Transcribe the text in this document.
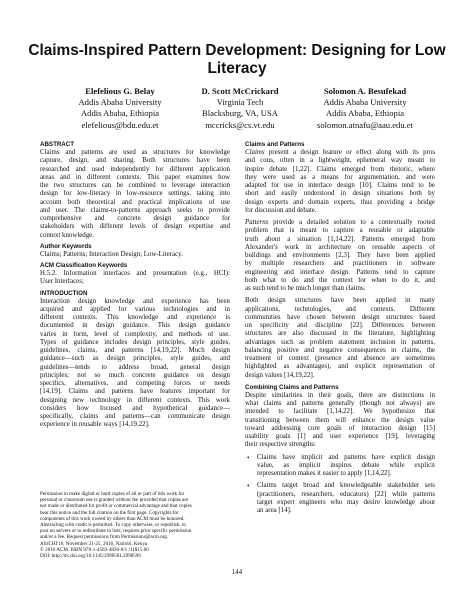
Claims-Inspired Pattern Development: Designing for Low
Literacy
Elefelious G. Belay
Addis Ababa University
Addis Ababa, Ethiopia
elefelious@bdu.edu.et
D. Scott McCrickard
Virginia Tech
Blacksburg, VA, USA
mccricks@cs.vt.edu
Solomon A. Besufekad
Addis Ababa University
Addis Ababa, Ethiopia
solomon.atnafu@aau.edu.et
ABSTRACT
Claims and patterns are used as structures for knowledge
capture, design, and sharing. Both structures have been
researched and used independently for different application
areas and in different contexts. This paper examines how
the two structures can be combined to leverage interaction
design for low-literacy in low-resource settings, taking into
account both theoretical and practical implications of use
and user. The claims-to-patterns approach seeks to provide
comprehensive and concrete design guidance for
stakeholders with different levels of design expertise and
context knowledge.
Author Keywords
Claims; Patterns; Interaction Design; Low-Literacy.
ACM Classification Keywords
H.5.2. Information interfaces and presentation (e.g., HCI):
User Interfaces;
INTRODUCTION
Interaction design knowledge and experience has been
acquired and applied for various technologies and in
different contexts. This knowledge and experience is
documented in design guidance. This design guidance
varies in form, level of complexity, and methods of use.
Types of guidance includes design principles, style guides,
guidelines, claims, and patterns [14,19,22]. Much design
guidance—such as design principles, style guides, and
guidelines—tends to address broad, general design
principles; not so much concrete guidance on design
specifics, alternatives, and competing forces or needs
[14,19]. Claims and patterns have features important for
designing new technology in different contexts. This work
considers how focused and hypothetical guidance—
specifically, claims and patterns—can communicate design
experience in reusable ways [14,19,22].
Permission to make digital or hard copies of all or part of this work for
personal or classroom use is granted without fee provided that copies are
not made or distributed for profit or commercial advantage and that copies
bear this notice and the full citation on the first page. Copyrights for
components of this work owned by others than ACM must be honored.
Abstracting with credit is permitted. To copy otherwise, or republish, to
post on servers or to redistribute to lists, requires prior specific permission
and/or a fee. Request permissions from Permissions@acm.org.
AfriCHI'16, November 21-25, 2016, Nairobi, Kenya
© 2016 ACM. ISBN 978-1-4503-4830-0/1 /11$15.00
DOI: http://dx.doi.org/10.1145/2998581.2998596
Claims and Patterns
Claims present a design feature or effect along with its pros
and cons, often in a lightweight, ephemeral way meant to
inspire debate [1,22]. Claims emerged from rhetoric, where
they were used as a means for argumentation, and were
adapted for use in interface design [10]. Claims tend to be
short and easily understood in design situations both by
design experts and domain experts, thus providing a bridge
for discussion and debate.
Patterns provide a detailed solution to a contextually rooted
problem that is meant to capture a reusable or adaptable
truth about a situation [1,14,22]. Patterns emerged from
Alexander's work in architecture on reusable aspects of
buildings and environments [2,3]. They have been applied
by multiple researchers and practitioners in software
engineering and interface design. Patterns tend to capture
both what to do and the context for when to do it, and
as such tend to be much longer than claims.
Both design structures have been applied in many
applications, technologies, and contexts. Different
communities have chosen between design structures based
on specificity and discipline [22]. Differences between
structures are also discussed in the literature, highlighting
advantages such as problem statement inclusion in patterns,
balancing positive and negative consequences in claims, the
treatment of context (presence and absence are sometimes
highlighted as advantages), and explicit representation of
design values [14,19,22].
Combining Claims and Patterns
Despite similarities in their goals, there are distinctions in
what claims and patterns generally (though not always) are
intended to facilitate [1,14,22]. We hypothesize that
transitioning between them will enhance the design value
toward addressing core goals of interaction design [15]
usability goals [1] and user experience [19], leveraging
their respective strengths:
• Claims have implicit and patterns have explicit design
value, as implicit inspires debate while explicit
representation makes it easier to apply [1,14,22].
• Claims target broad and knowledgeable stakeholder sets
(practitioners, researchers, educators) [22] while patterns
target expert engineers who may desire knowledge about
an area [14].
144
